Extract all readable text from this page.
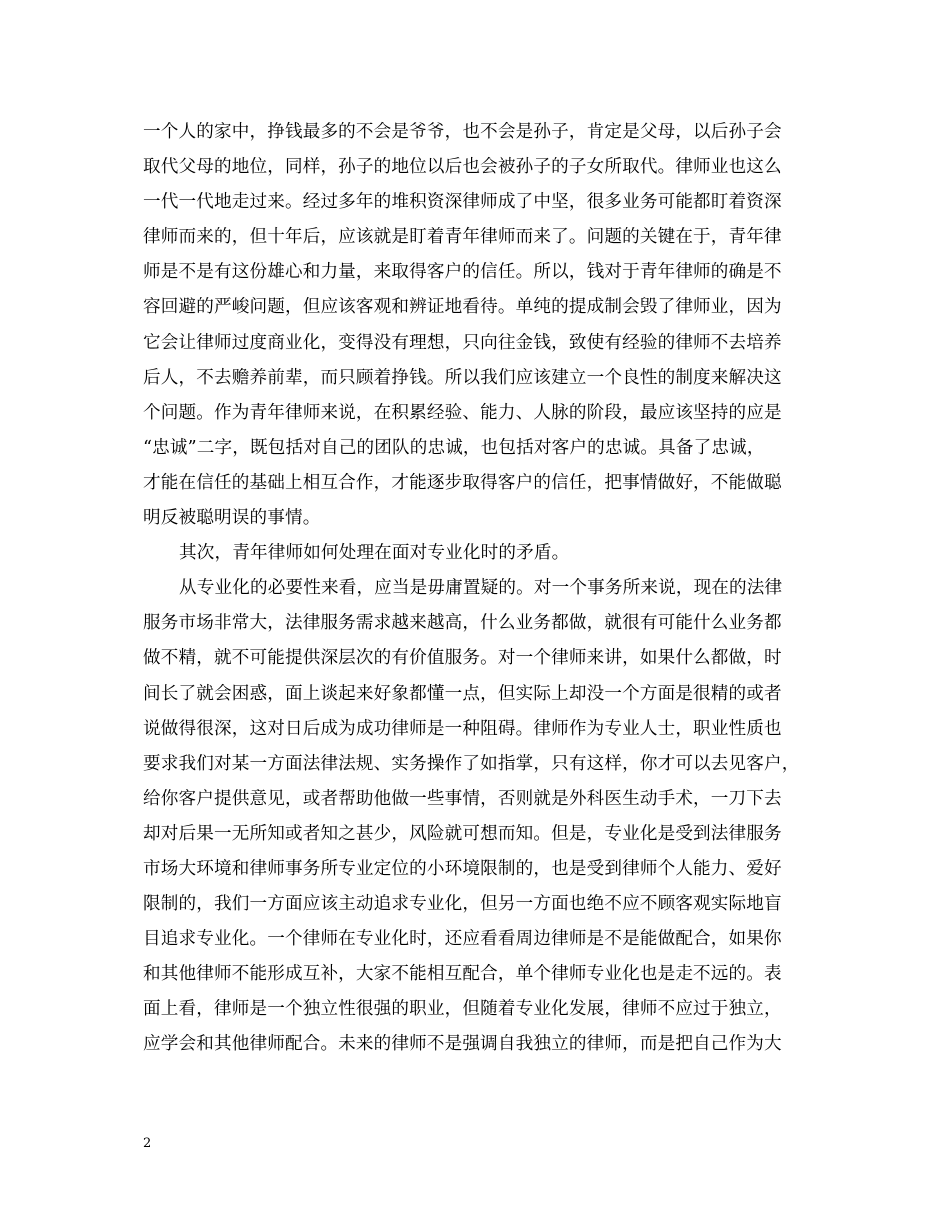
一个人的家中，挣钱最多的不会是爷爷，也不会是孙子，肯定是父母，以后孙子会
取代父母的地位，同样，孙子的地位以后也会被孙子的子女所取代。律师业也这么
一代一代地走过来。经过多年的堆积资深律师成了中坚，很多业务可能都盯着资深
律师而来的，但十年后，应该就是盯着青年律师而来了。问题的关键在于，青年律
师是不是有这份雄心和力量，来取得客户的信任。所以，钱对于青年律师的确是不
容回避的严峻问题，但应该客观和辨证地看待。单纯的提成制会毁了律师业，因为
它会让律师过度商业化，变得没有理想，只向往金钱，致使有经验的律师不去培养
后人，不去赡养前辈，而只顾着挣钱。所以我们应该建立一个良性的制度来解决这
个问题。作为青年律师来说，在积累经验、能力、人脉的阶段，最应该坚持的应是
“忠诚”二字，既包括对自己的团队的忠诚，也包括对客户的忠诚。具备了忠诚，
才能在信任的基础上相互合作，才能逐步取得客户的信任，把事情做好，不能做聪
明反被聪明误的事情。
其次，青年律师如何处理在面对专业化时的矛盾。
从专业化的必要性来看，应当是毋庸置疑的。对一个事务所来说，现在的法律
服务市场非常大，法律服务需求越来越高，什么业务都做，就很有可能什么业务都
做不精，就不可能提供深层次的有价值服务。对一个律师来讲，如果什么都做，时
间长了就会困惑，面上谈起来好象都懂一点，但实际上却没一个方面是很精的或者
说做得很深，这对日后成为成功律师是一种阻碍。律师作为专业人士，职业性质也
要求我们对某一方面法律法规、实务操作了如指掌，只有这样，你才可以去见客户，
给你客户提供意见，或者帮助他做一些事情，否则就是外科医生动手术，一刀下去
却对后果一无所知或者知之甚少，风险就可想而知。但是，专业化是受到法律服务
市场大环境和律师事务所专业定位的小环境限制的，也是受到律师个人能力、爱好
限制的，我们一方面应该主动追求专业化，但另一方面也绝不应不顾客观实际地盲
目追求专业化。一个律师在专业化时，还应看看周边律师是不是能做配合，如果你
和其他律师不能形成互补，大家不能相互配合，单个律师专业化也是走不远的。表
面上看，律师是一个独立性很强的职业，但随着专业化发展，律师不应过于独立，
应学会和其他律师配合。未来的律师不是强调自我独立的律师，而是把自己作为大
2
